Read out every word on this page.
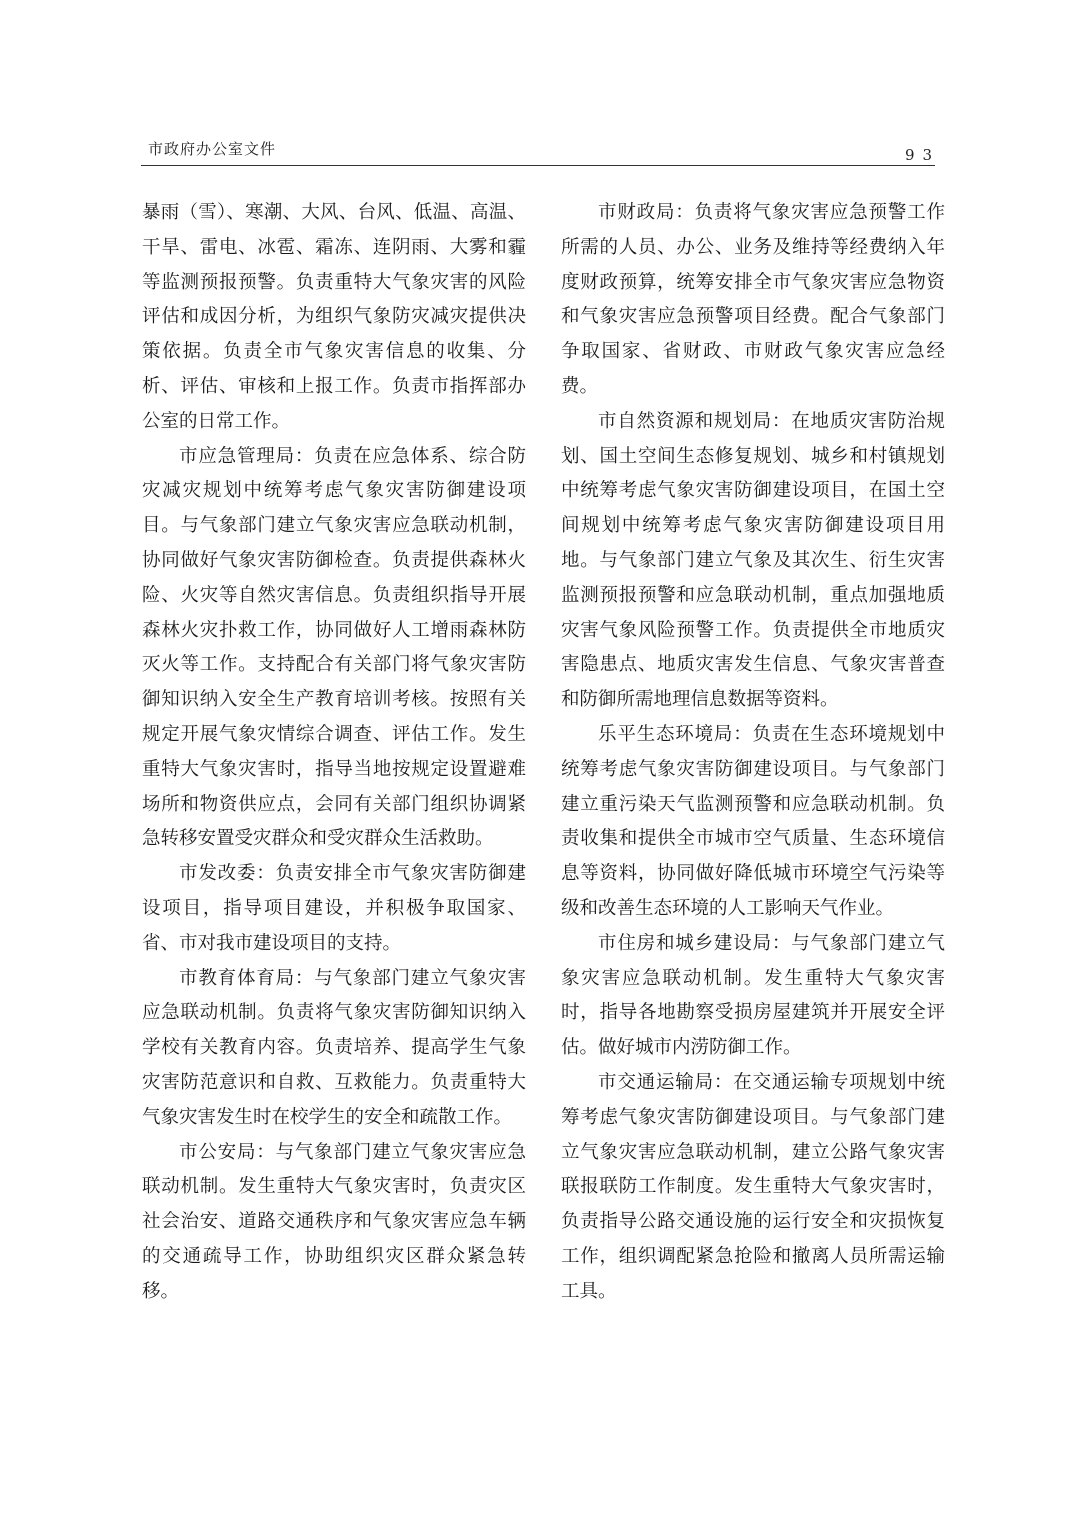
市政府办公室文件	93

暴雨（雪）、寒潮、大风、台风、低温、高温、干旱、雷电、冰雹、霜冻、连阴雨、大雾和霾等监测预报预警。负责重特大气象灾害的风险评估和成因分析，为组织气象防灾减灾提供决策依据。负责全市气象灾害信息的收集、分析、评估、审核和上报工作。负责市指挥部办公室的日常工作。

市应急管理局：负责在应急体系、综合防灾减灾规划中统筹考虑气象灾害防御建设项目。与气象部门建立气象灾害应急联动机制，协同做好气象灾害防御检查。负责提供森林火险、火灾等自然灾害信息。负责组织指导开展森林火灾扑救工作，协同做好人工增雨森林防灭火等工作。支持配合有关部门将气象灾害防御知识纳入安全生产教育培训考核。按照有关规定开展气象灾情综合调查、评估工作。发生重特大气象灾害时，指导当地按规定设置避难场所和物资供应点，会同有关部门组织协调紧急转移安置受灾群众和受灾群众生活救助。

市发改委：负责安排全市气象灾害防御建设项目，指导项目建设，并积极争取国家、省、市对我市建设项目的支持。

市教育体育局：与气象部门建立气象灾害应急联动机制。负责将气象灾害防御知识纳入学校有关教育内容。负责培养、提高学生气象灾害防范意识和自救、互救能力。负责重特大气象灾害发生时在校学生的安全和疏散工作。

市公安局：与气象部门建立气象灾害应急联动机制。发生重特大气象灾害时，负责灾区社会治安、道路交通秩序和气象灾害应急车辆的交通疏导工作，协助组织灾区群众紧急转移。

市财政局：负责将气象灾害应急预警工作所需的人员、办公、业务及维持等经费纳入年度财政预算，统筹安排全市气象灾害应急物资和气象灾害应急预警项目经费。配合气象部门争取国家、省财政、市财政气象灾害应急经费。

市自然资源和规划局：在地质灾害防治规划、国土空间生态修复规划、城乡和村镇规划中统筹考虑气象灾害防御建设项目，在国土空间规划中统筹考虑气象灾害防御建设项目用地。与气象部门建立气象及其次生、衍生灾害监测预报预警和应急联动机制，重点加强地质灾害气象风险预警工作。负责提供全市地质灾害隐患点、地质灾害发生信息、气象灾害普查和防御所需地理信息数据等资料。

乐平生态环境局：负责在生态环境规划中统筹考虑气象灾害防御建设项目。与气象部门建立重污染天气监测预警和应急联动机制。负责收集和提供全市城市空气质量、生态环境信息等资料，协同做好降低城市环境空气污染等级和改善生态环境的人工影响天气作业。

市住房和城乡建设局：与气象部门建立气象灾害应急联动机制。发生重特大气象灾害时，指导各地勘察受损房屋建筑并开展安全评估。做好城市内涝防御工作。

市交通运输局：在交通运输专项规划中统筹考虑气象灾害防御建设项目。与气象部门建立气象灾害应急联动机制，建立公路气象灾害联报联防工作制度。发生重特大气象灾害时，负责指导公路交通设施的运行安全和灾损恢复工作，组织调配紧急抢险和撤离人员所需运输工具。
